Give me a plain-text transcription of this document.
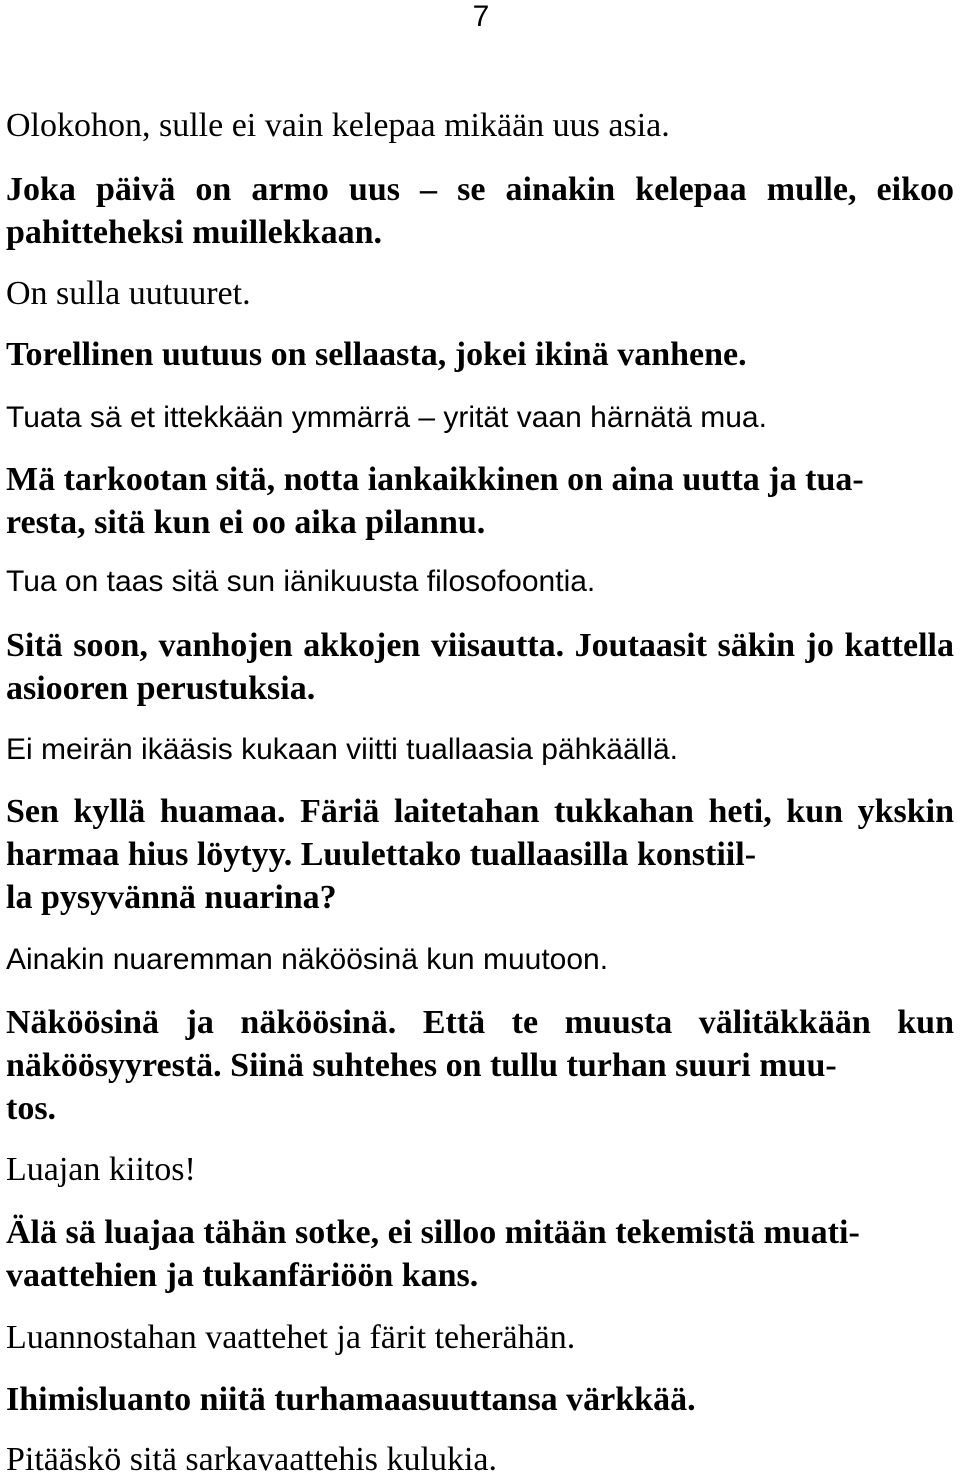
7

Olokohon, sulle ei vain kelepaa mikään uus asia.

Joka päivä on armo uus – se ainakin kelepaa mulle, eikoo pahitteheksi muillekkaan.

On sulla uutuuret.

Torellinen uutuus on sellaasta, jokei ikinä vanhene.

Tuata sä et ittekkään ymmärrä – yrität vaan härnätä mua.

Mä tarkootan sitä, notta iankaikkinen on aina uutta ja tua-
resta, sitä kun ei oo aika pilannu.

Tua on taas sitä sun iänikuusta filosofoontia.

Sitä soon, vanhojen akkojen viisautta. Joutaasit säkin jo kattella asiooren perustuksia.

Ei meirän ikääsis kukaan viitti tuallaasia pähkäällä.

Sen kyllä huamaa. Färiä laitetahan tukkahan heti, kun ykskin harmaa hius löytyy. Luulettako tuallaasilla konstiil-
la pysyvännä nuarina?

Ainakin nuaremman näköösinä kun muutoon.

Näköösinä ja näköösinä. Että te muusta välitäkkään kun näköösyyrestä. Siinä suhtehes on tullu turhan suuri muu-
tos.

Luajan kiitos!

Älä sä luajaa tähän sotke, ei silloo mitään tekemistä muati-
vaattehien ja tukanfäriöön kans.

Luannostahan vaattehet ja färit teherähän.

Ihimisluanto niitä turhamaasuuttansa värkkää.

Pitääskö sitä sarkavaattehis kulukia.
